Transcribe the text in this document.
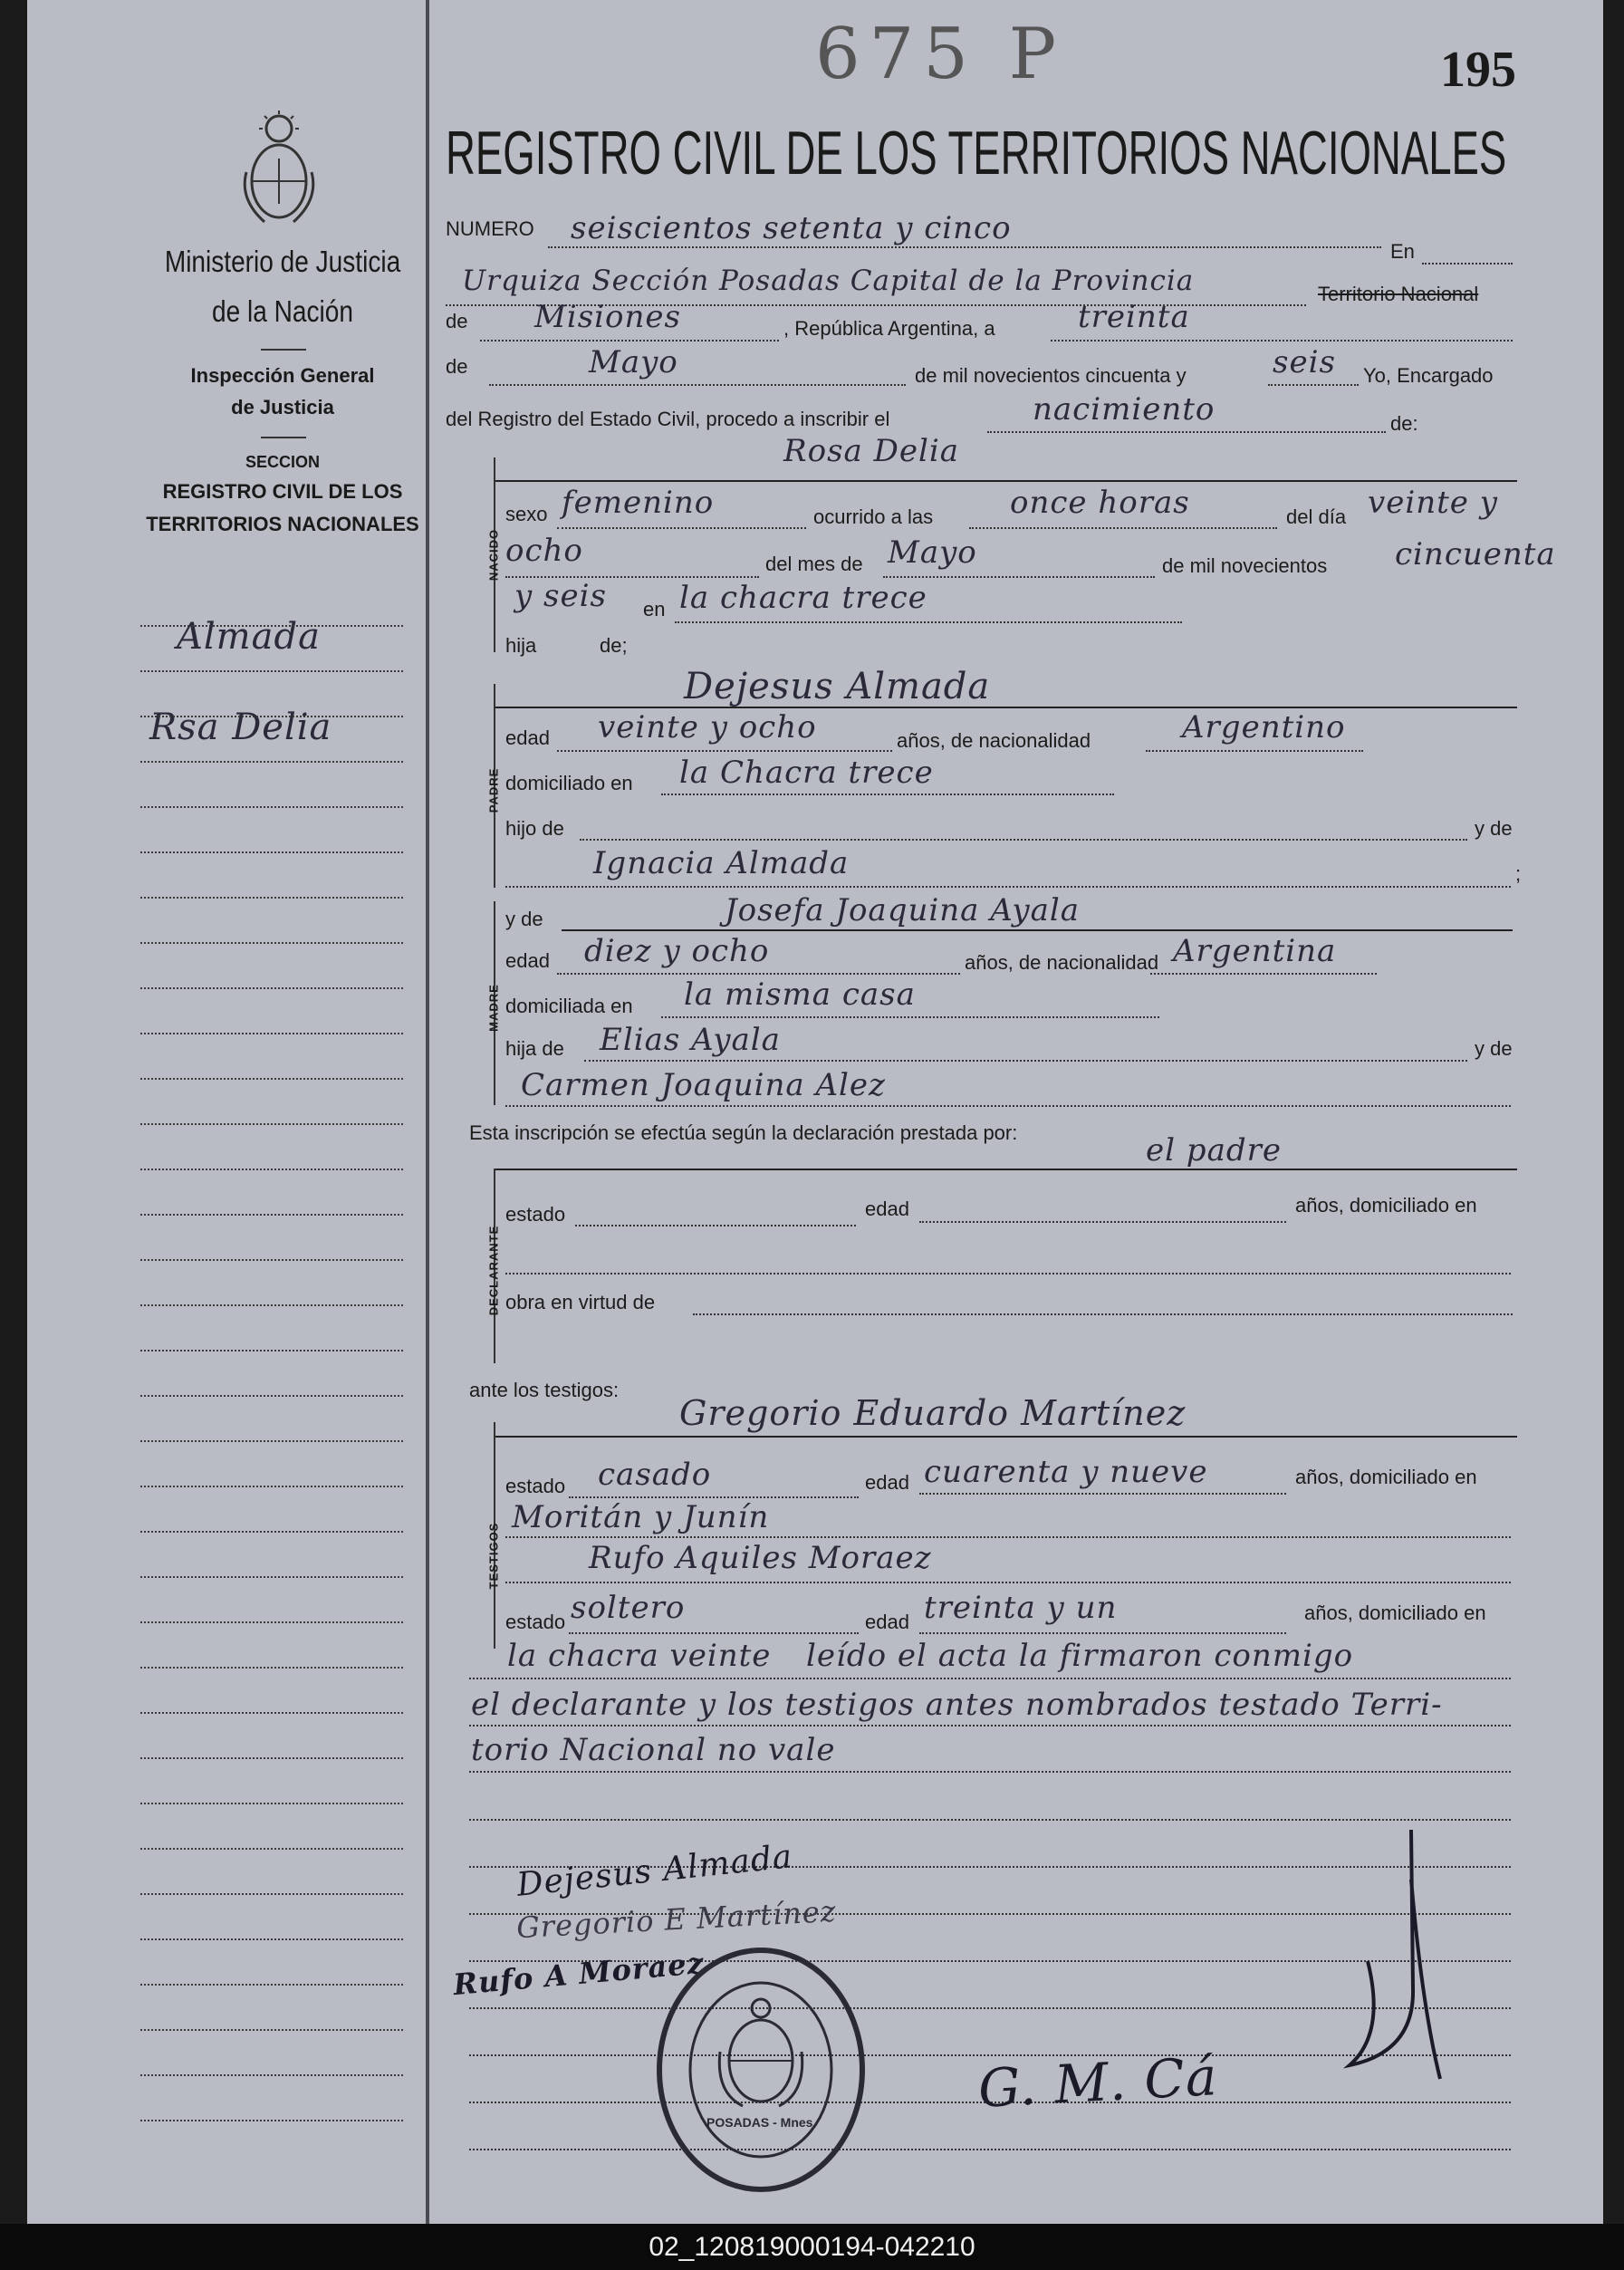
Ministerio de Justicia
de la Nación
Inspección General
de Justicia
SECCION
REGISTRO CIVIL DE LOS
TERRITORIOS NACIONALES
Almada
Rsa Delia
675 P	195
REGISTRO CIVIL DE LOS TERRITORIOS NACIONALES
NUMERO seiscientos setenta y cinco
En
Urquiza Sección Posadas Capital de la Provincia	Territorio Nacional
de Misiones	, República Argentina, a	treinta
de	Mayo	de mil novecientos cincuenta y	seis Yo, Encargado
del Registro del Estado Civil, procedo a inscribir el	nacimiento	de:
Rosa Delia
NACIDO
sexo femenino	ocurrido a las once horas	del día veinte y
ocho	del mes de Mayo	de mil novecientos cincuenta
y seis en la chacra trece
hija	de;
Dejesus Almada
PADRE
edad veinte y ocho	años, de nacionalidad	Argentino
domiciliado en la Chacra trece
hijo de	y de
Ignacia Almada	;
MADRE
y de	Josefa Joaquina Ayala
edad diez y ocho	años, de nacionalidad Argentina
domiciliada en la misma casa
hija de Elias Ayala	y de
Carmen Joaquina Alez
Esta inscripción se efectúa según la declaración prestada por:	el padre
DECLARANTE
estado	edad	años, domiciliado en
obra en virtud de
ante los testigos:
Gregorio Eduardo Martínez
TESTIGOS
estado casado	edad cuarenta y nueve	años, domiciliado en
Moritán y Junín
Rufo Aquiles Moraez
estado soltero	edad treinta y un	años, domiciliado en
la chacra veinte leído el acta la firmaron conmigo
el declarante y los testigos antes nombrados testado Terri-
torio Nacional no vale
Dejesus Almada
Gregorio E Martínez
Rufo A Moraez
G. M. Cá
POSADAS - Mnes.
02_120819000194-042210
